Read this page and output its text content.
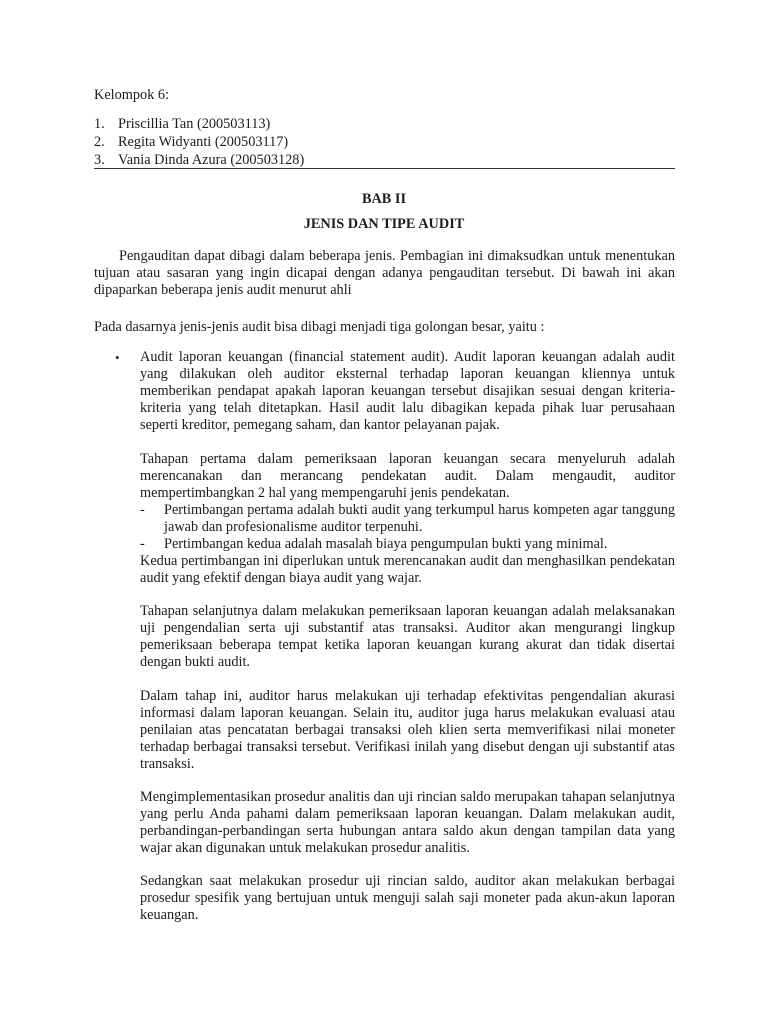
Kelompok 6:
1. Priscillia Tan (200503113)
2. Regita Widyanti (200503117)
3. Vania Dinda Azura (200503128)
BAB II
JENIS DAN TIPE AUDIT

Pengauditan dapat dibagi dalam beberapa jenis. Pembagian ini dimaksudkan untuk menentukan tujuan atau sasaran yang ingin dicapai dengan adanya pengauditan tersebut. Di bawah ini akan dipaparkan beberapa jenis audit menurut ahli

Pada dasarnya jenis-jenis audit bisa dibagi menjadi tiga golongan besar, yaitu :

• Audit laporan keuangan (financial statement audit). Audit laporan keuangan adalah audit yang dilakukan oleh auditor eksternal terhadap laporan keuangan kliennya untuk memberikan pendapat apakah laporan keuangan tersebut disajikan sesuai dengan kriteria-kriteria yang telah ditetapkan. Hasil audit lalu dibagikan kepada pihak luar perusahaan seperti kreditor, pemegang saham, dan kantor pelayanan pajak.

Tahapan pertama dalam pemeriksaan laporan keuangan secara menyeluruh adalah merencanakan dan merancang pendekatan audit. Dalam mengaudit, auditor mempertimbangkan 2 hal yang mempengaruhi jenis pendekatan.

-	Pertimbangan pertama adalah bukti audit yang terkumpul harus kompeten agar tanggung jawab dan profesionalisme auditor terpenuhi.
-	Pertimbangan kedua adalah masalah biaya pengumpulan bukti yang minimal.

Kedua pertimbangan ini diperlukan untuk merencanakan audit dan menghasilkan pendekatan audit yang efektif dengan biaya audit yang wajar.

Tahapan selanjutnya dalam melakukan pemeriksaan laporan keuangan adalah melaksanakan uji pengendalian serta uji substantif atas transaksi. Auditor akan mengurangi lingkup pemeriksaan beberapa tempat ketika laporan keuangan kurang akurat dan tidak disertai dengan bukti audit.

Dalam tahap ini, auditor harus melakukan uji terhadap efektivitas pengendalian akurasi informasi dalam laporan keuangan. Selain itu, auditor juga harus melakukan evaluasi atau penilaian atas pencatatan berbagai transaksi oleh klien serta memverifikasi nilai moneter terhadap berbagai transaksi tersebut. Verifikasi inilah yang disebut dengan uji substantif atas transaksi.

Mengimplementasikan prosedur analitis dan uji rincian saldo merupakan tahapan selanjutnya yang perlu Anda pahami dalam pemeriksaan laporan keuangan. Dalam melakukan audit, perbandingan-perbandingan serta hubungan antara saldo akun dengan tampilan data yang wajar akan digunakan untuk melakukan prosedur analitis.

Sedangkan saat melakukan prosedur uji rincian saldo, auditor akan melakukan berbagai prosedur spesifik yang bertujuan untuk menguji salah saji moneter pada akun-akun laporan keuangan.
